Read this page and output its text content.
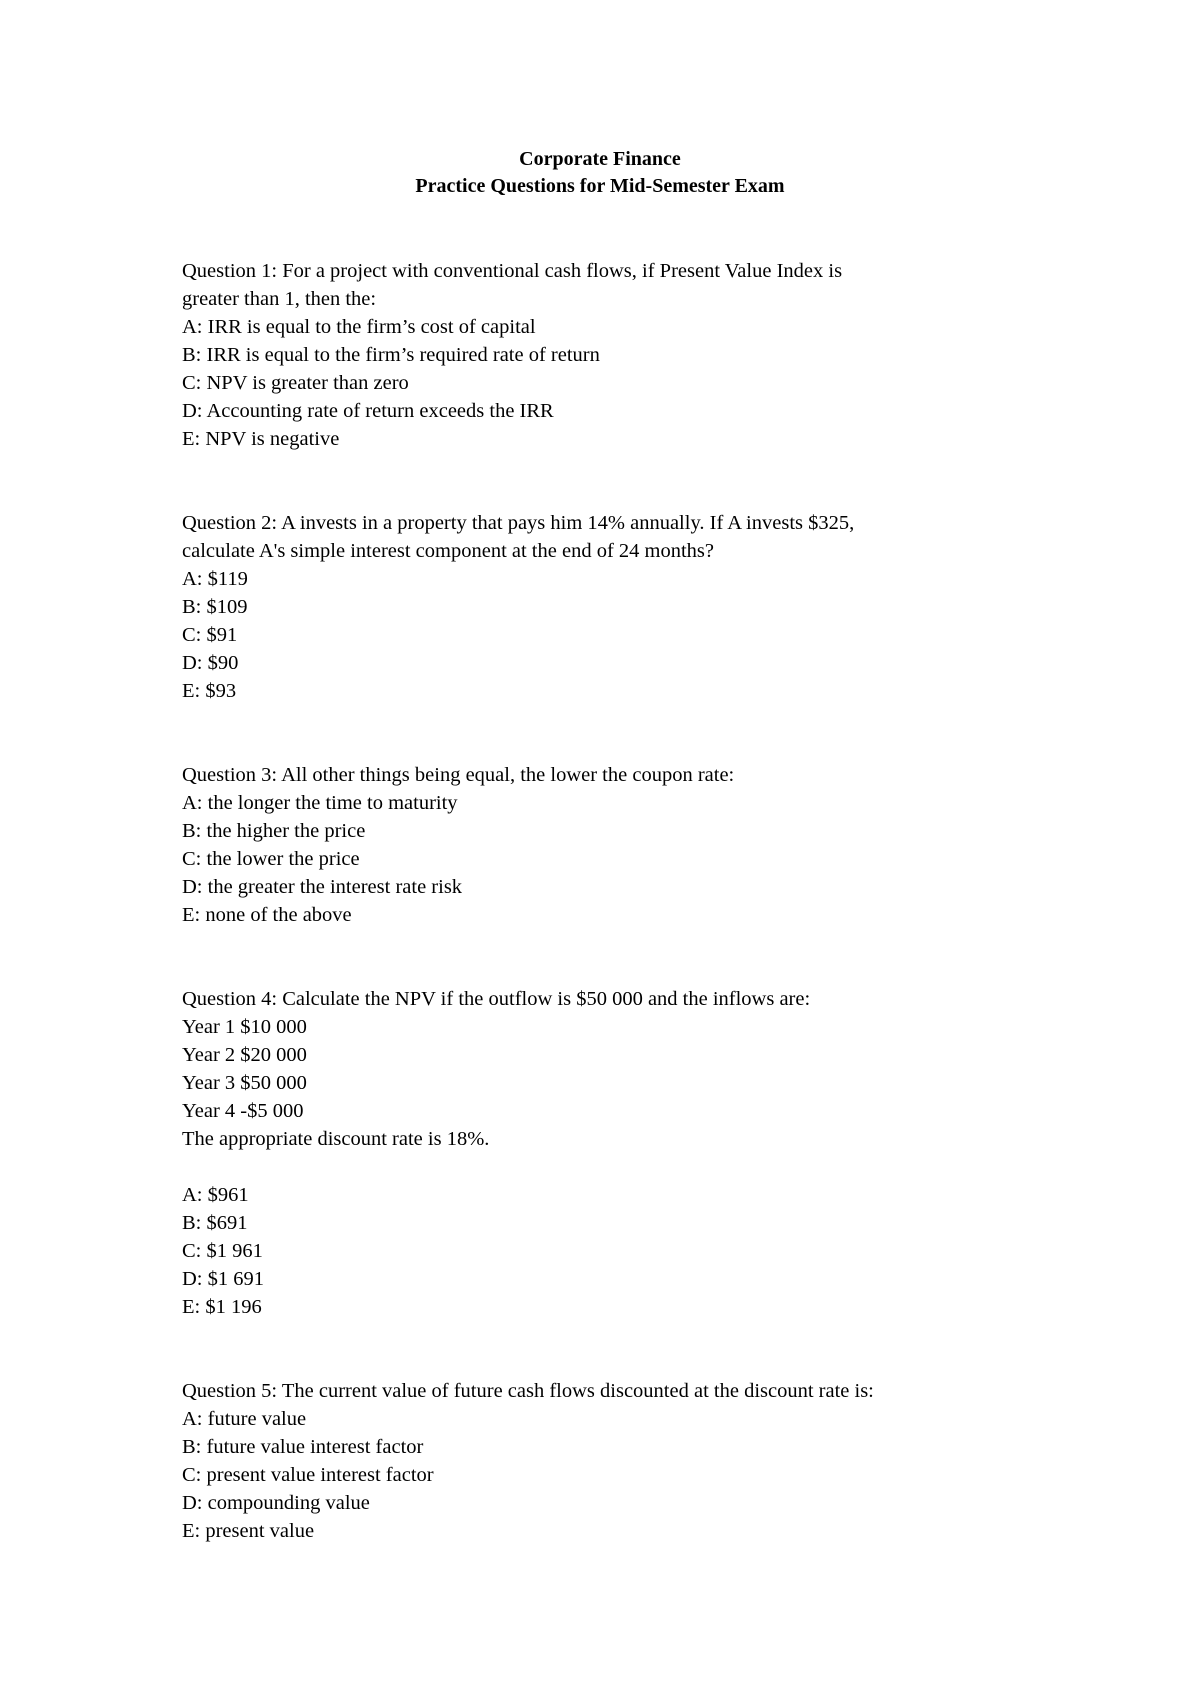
Corporate Finance
Practice Questions for Mid-Semester Exam
Question 1: For a project with conventional cash flows, if Present Value Index is
greater than 1, then the:
A: IRR is equal to the firm’s cost of capital
B: IRR is equal to the firm’s required rate of return
C: NPV is greater than zero
D: Accounting rate of return exceeds the IRR
E: NPV is negative
Question 2: A invests in a property that pays him 14% annually. If A invests $325,
calculate A's simple interest component at the end of 24 months?
A: $119
B: $109
C: $91
D: $90
E: $93
Question 3: All other things being equal, the lower the coupon rate:
A: the longer the time to maturity
B: the higher the price
C: the lower the price
D: the greater the interest rate risk
E: none of the above
Question 4: Calculate the NPV if the outflow is $50 000 and the inflows are:
Year 1 $10 000
Year 2 $20 000
Year 3 $50 000
Year 4 -$5 000
The appropriate discount rate is 18%.
A: $961
B: $691
C: $1 961
D: $1 691
E: $1 196
Question 5: The current value of future cash flows discounted at the discount rate is:
A: future value
B: future value interest factor
C: present value interest factor
D: compounding value
E: present value
